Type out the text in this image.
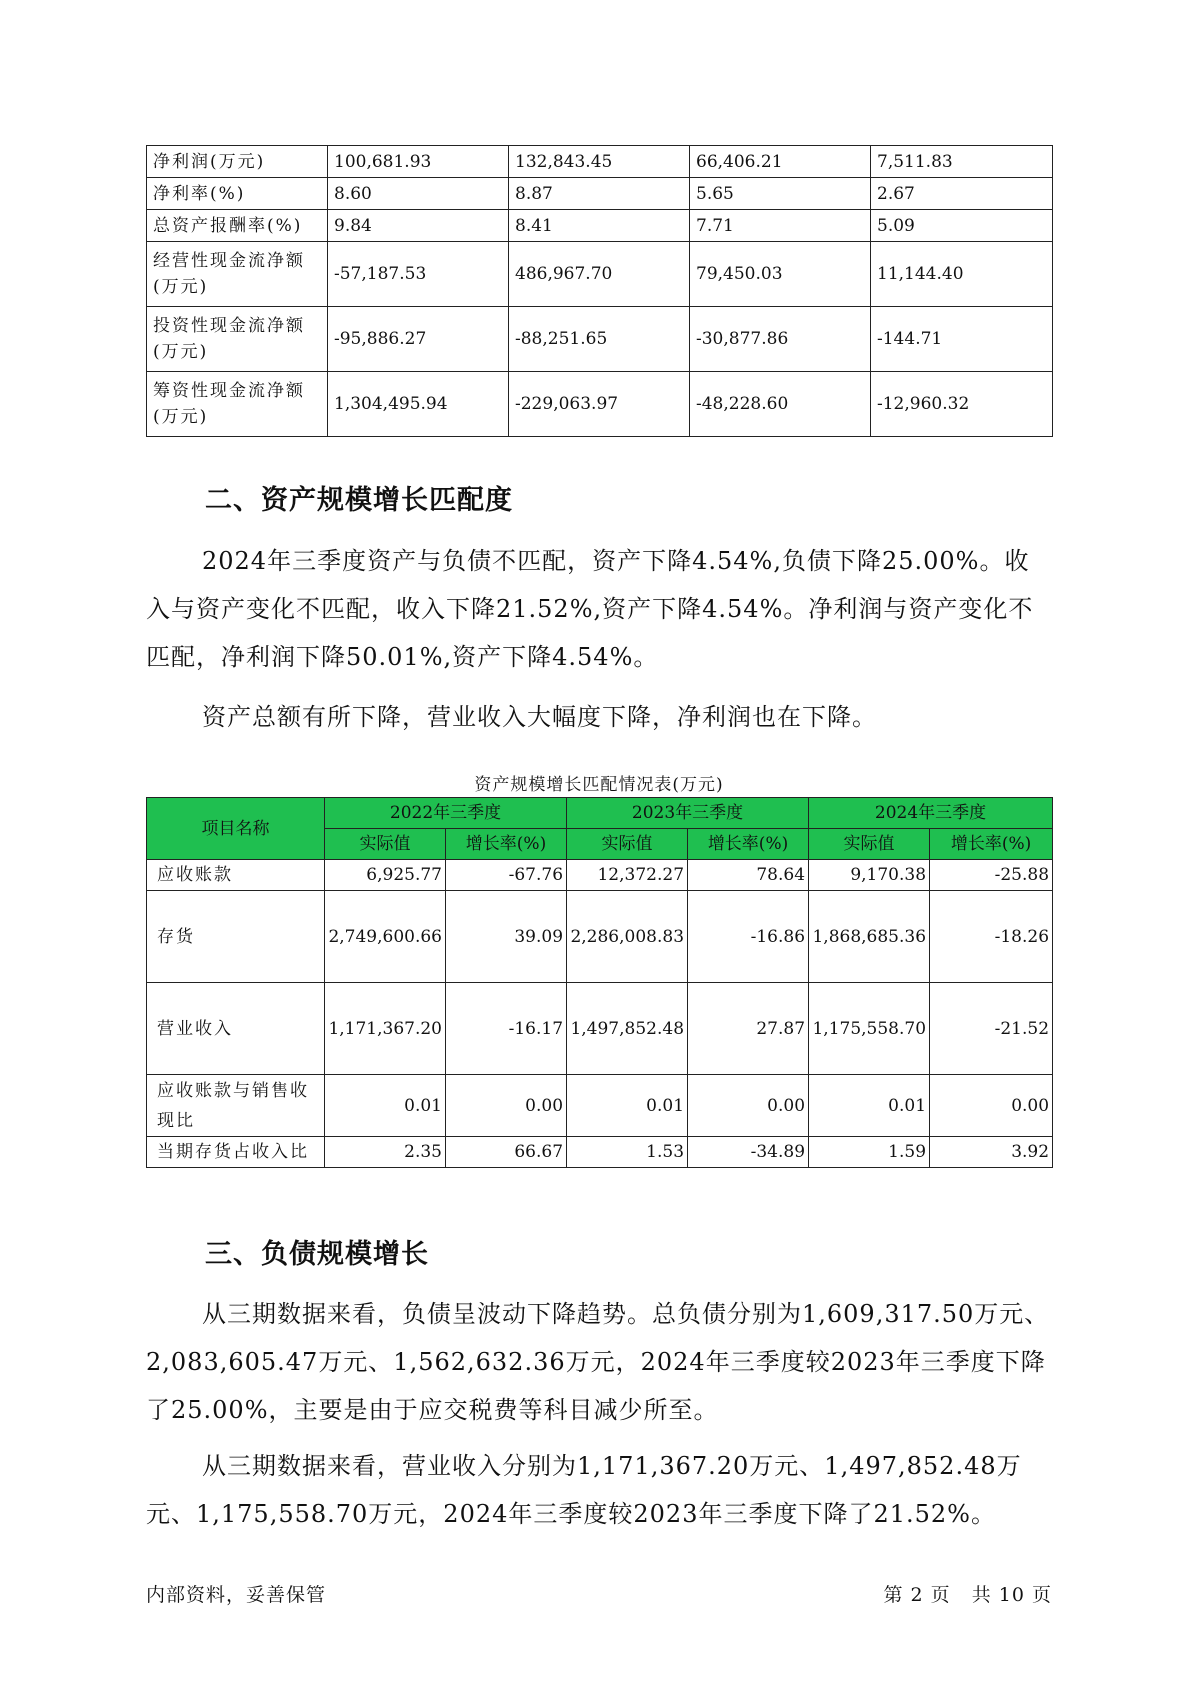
净利润(万元)	100,681.93	132,843.45	66,406.21	7,511.83
净利率(%)	8.60	8.87	5.65	2.67
总资产报酬率(%)	9.84	8.41	7.71	5.09
经营性现金流净额(万元)	-57,187.53	486,967.70	79,450.03	11,144.40
投资性现金流净额(万元)	-95,886.27	-88,251.65	-30,877.86	-144.71
筹资性现金流净额(万元)	1,304,495.94	-229,063.97	-48,228.60	-12,960.32
二、资产规模增长匹配度

2024年三季度资产与负债不匹配，资产下降4.54%,负债下降25.00%。收入与资产变化不匹配，收入下降21.52%,资产下降4.54%。净利润与资产变化不匹配，净利润下降50.01%,资产下降4.54%。

资产总额有所下降，营业收入大幅度下降，净利润也在下降。

资产规模增长匹配情况表(万元)
项目名称	2022年三季度		2023年三季度		2024年三季度	
	实际值	增长率(%)	实际值	增长率(%)	实际值	增长率(%)
应收账款	6,925.77	-67.76	12,372.27	78.64	9,170.38	-25.88
存货	2,749,600.66	39.09	2,286,008.83	-16.86	1,868,685.36	-18.26
营业收入	1,171,367.20	-16.17	1,497,852.48	27.87	1,175,558.70	-21.52
应收账款与销售收现比	0.01	0.00	0.01	0.00	0.01	0.00
当期存货占收入比	2.35	66.67	1.53	-34.89	1.59	3.92
三、负债规模增长

从三期数据来看，负债呈波动下降趋势。总负债分别为1,609,317.50万元、2,083,605.47万元、1,562,632.36万元，2024年三季度较2023年三季度下降了25.00%，主要是由于应交税费等科目减少所至。

从三期数据来看，营业收入分别为1,171,367.20万元、1,497,852.48万元、1,175,558.70万元，2024年三季度较2023年三季度下降了21.52%。

内部资料，妥善保管	第 2 页   共 10 页
